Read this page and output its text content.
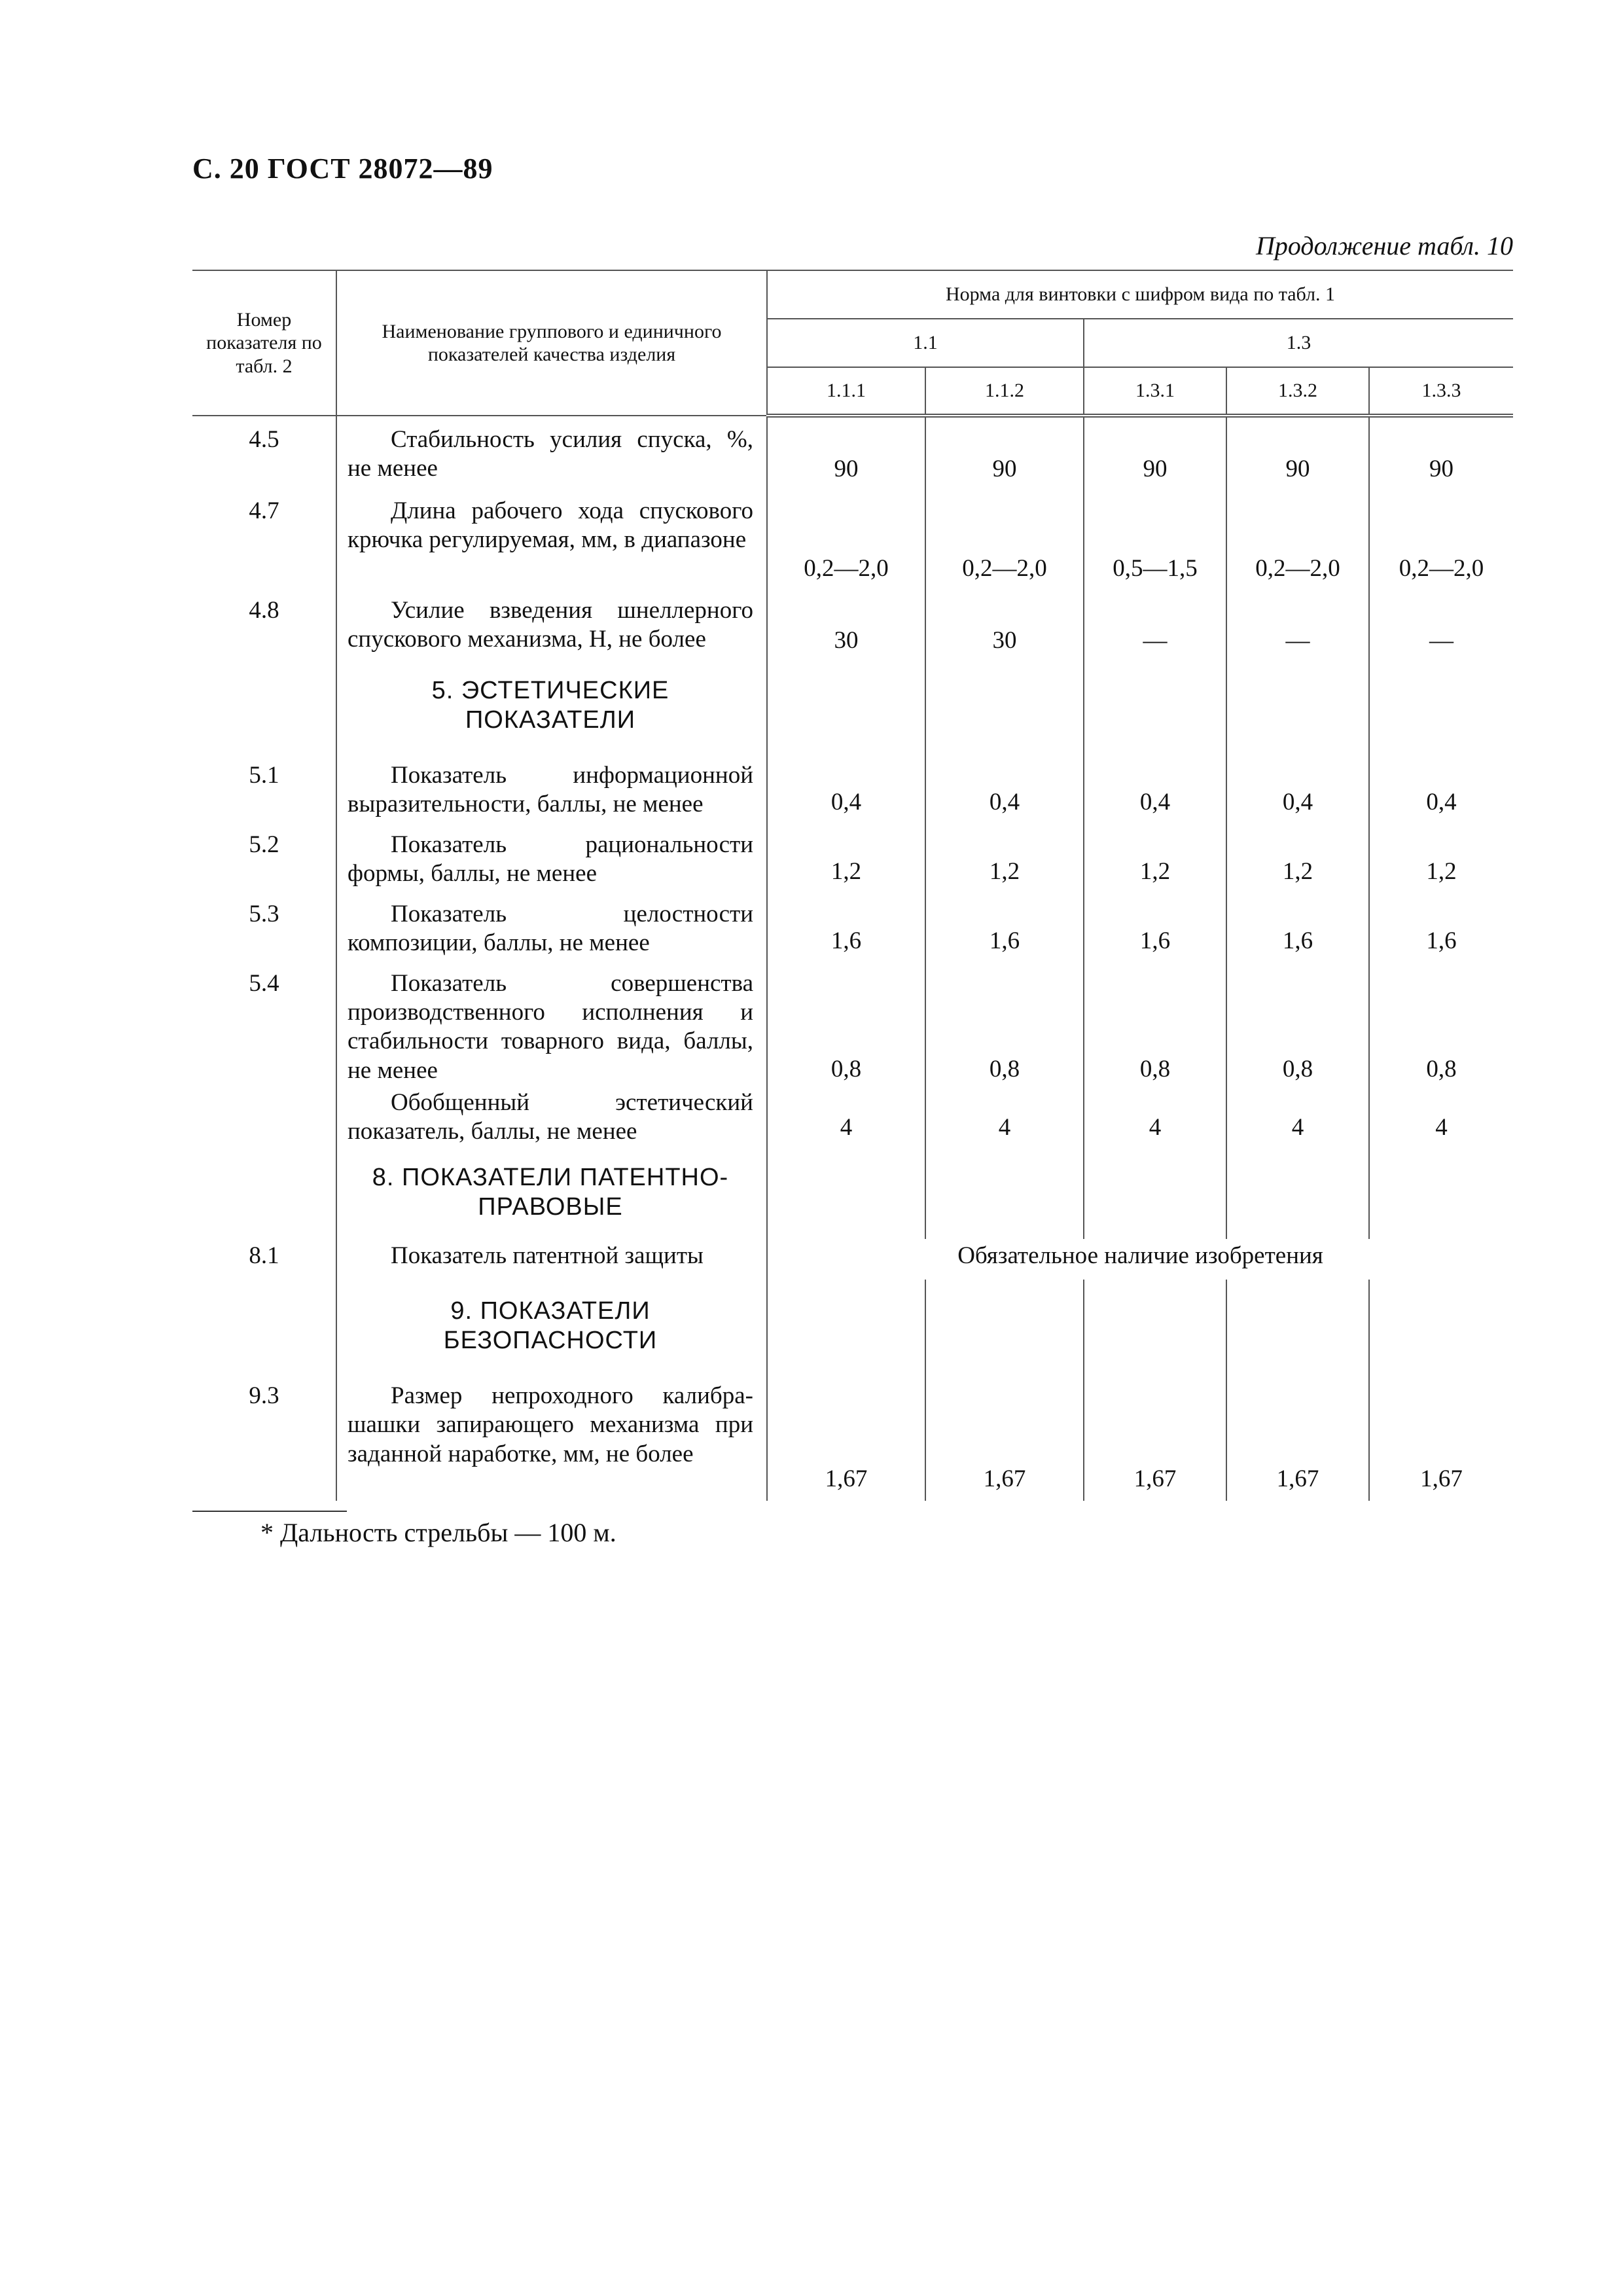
С. 20 ГОСТ 28072—89
Продолжение табл. 10
Номер показателя по табл. 2	Наименование группового и единичного показателей качества изделия	Норма для винтовки с шифром вида по табл. 1				
		1.1		1.3		
		1.1.1	1.1.2	1.3.1	1.3.2	1.3.3
4.5	Стабильность усилия спуска, %, не менее	90	90	90	90	90
4.7	Длина рабочего хода спускового крючка регулируемая, мм, в диапазоне	0,2—2,0	0,2—2,0	0,5—1,5	0,2—2,0	0,2—2,0
4.8	Усилие взведения шнеллерного спускового механизма, Н, не более	30	30	—	—	—
	5. ЭСТЕТИЧЕСКИЕ ПОКАЗАТЕЛИ					
5.1	Показатель информационной выразительности, баллы, не менее	0,4	0,4	0,4	0,4	0,4
5.2	Показатель рациональности формы, баллы, не менее	1,2	1,2	1,2	1,2	1,2
5.3	Показатель целостности композиции, баллы, не менее	1,6	1,6	1,6	1,6	1,6
5.4	Показатель совершенства производственного исполнения и стабильности товарного вида, баллы, не менее	0,8	0,8	0,8	0,8	0,8
	Обобщенный эстетический показатель, баллы, не менее	4	4	4	4	4
	8. ПОКАЗАТЕЛИ ПАТЕНТНО-ПРАВОВЫЕ					
8.1	Показатель патентной защиты	Обязательное наличие изобретения				
	9. ПОКАЗАТЕЛИ БЕЗОПАСНОСТИ					
9.3	Размер непроходного калибра-шашки запирающего механизма при заданной наработке, мм, не более	1,67	1,67	1,67	1,67	1,67
* Дальность стрельбы — 100 м.
